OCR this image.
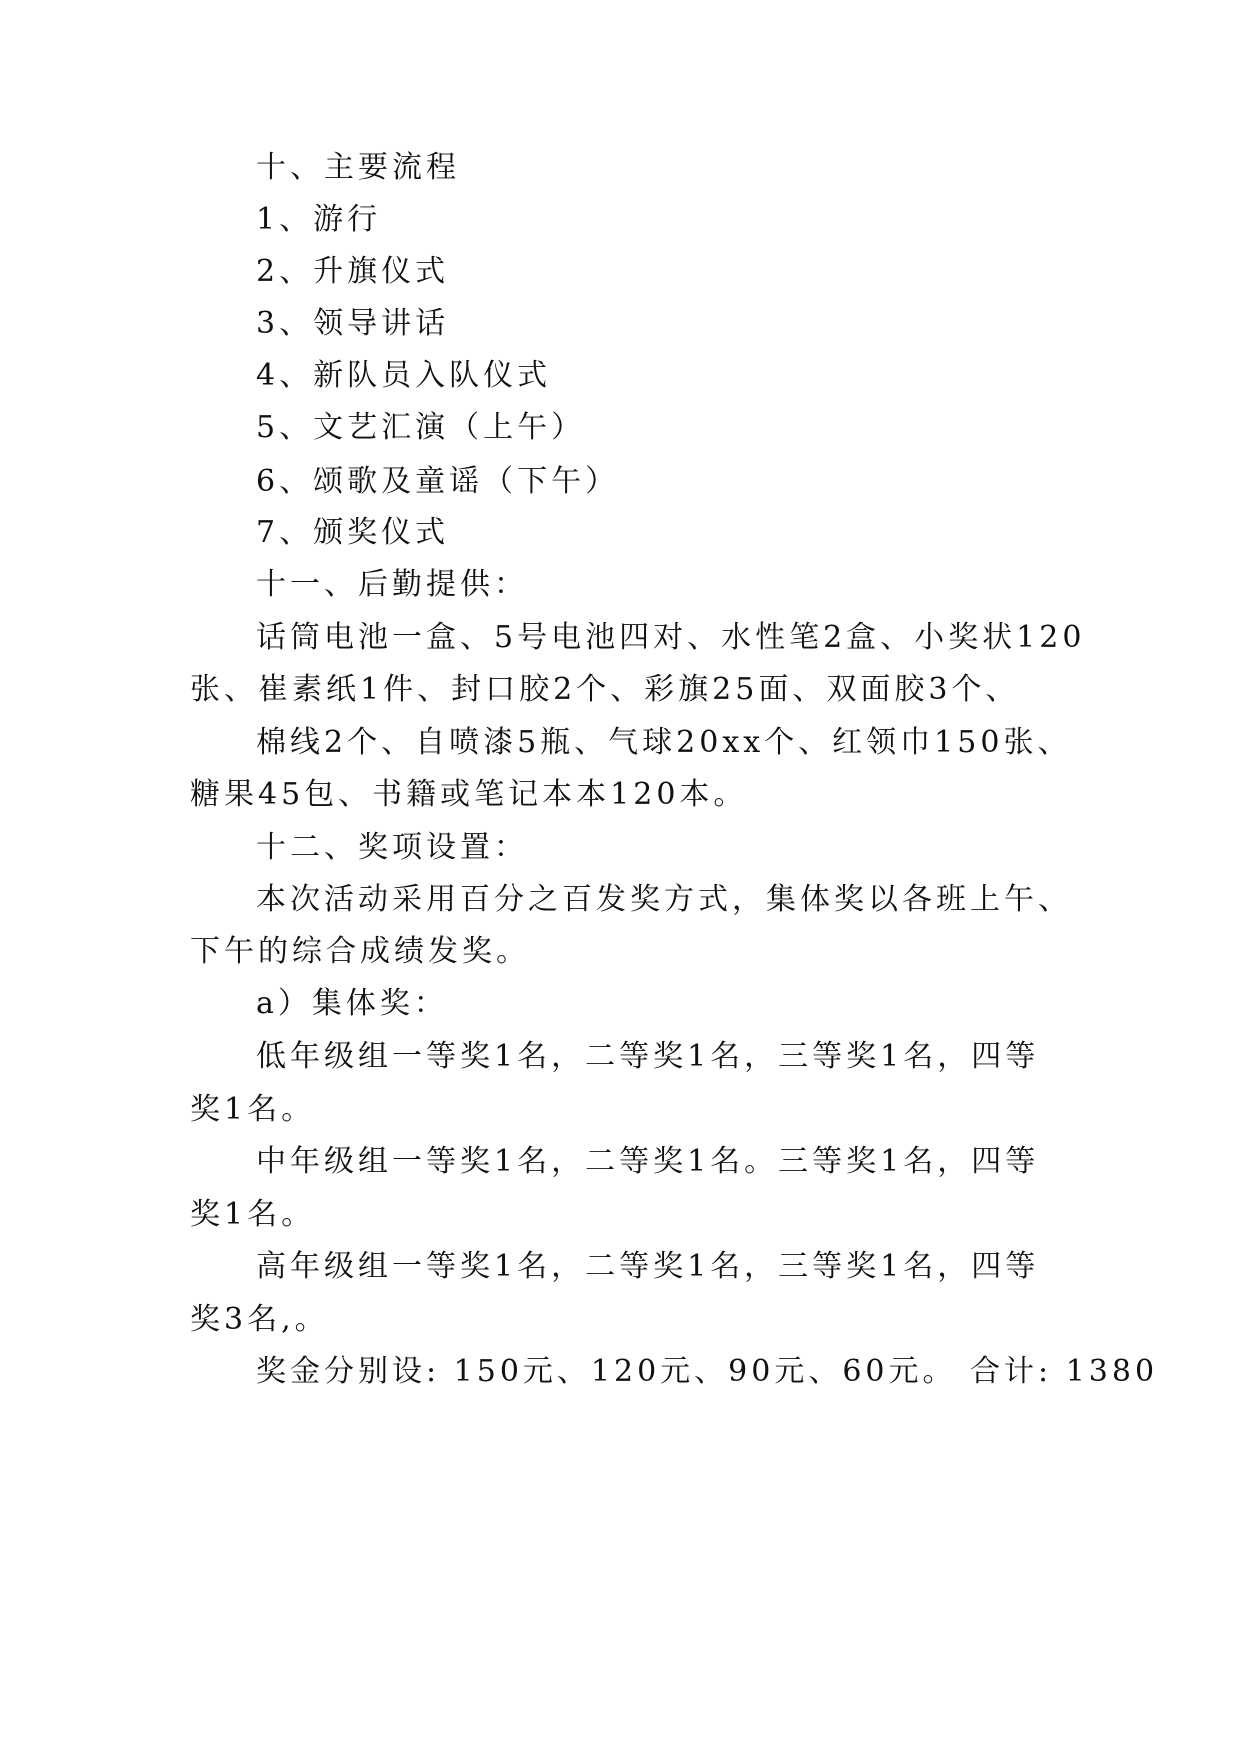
十、主要流程

1、游行

2、升旗仪式

3、领导讲话

4、新队员入队仪式

5、文艺汇演（上午）

6、颂歌及童谣（下午）

7、颁奖仪式

十一、后勤提供：

话筒电池一盒、5号电池四对、水性笔2盒、小奖状120

张、崔素纸1件、封口胶2个、彩旗25面、双面胶3个、

棉线2个、自喷漆5瓶、气球20xx个、红领巾150张、

糖果45包、书籍或笔记本本120本。

十二、奖项设置：

本次活动采用百分之百发奖方式，集体奖以各班上午、

下午的综合成绩发奖。

a）集体奖：

低年级组一等奖1名，二等奖1名，三等奖1名，四等

奖1名。

中年级组一等奖1名，二等奖1名。三等奖1名，四等

奖1名。

高年级组一等奖1名，二等奖1名，三等奖1名，四等

奖3名,。

奖金分别设: 150元、120元、90元、60元。 合计: 1380
